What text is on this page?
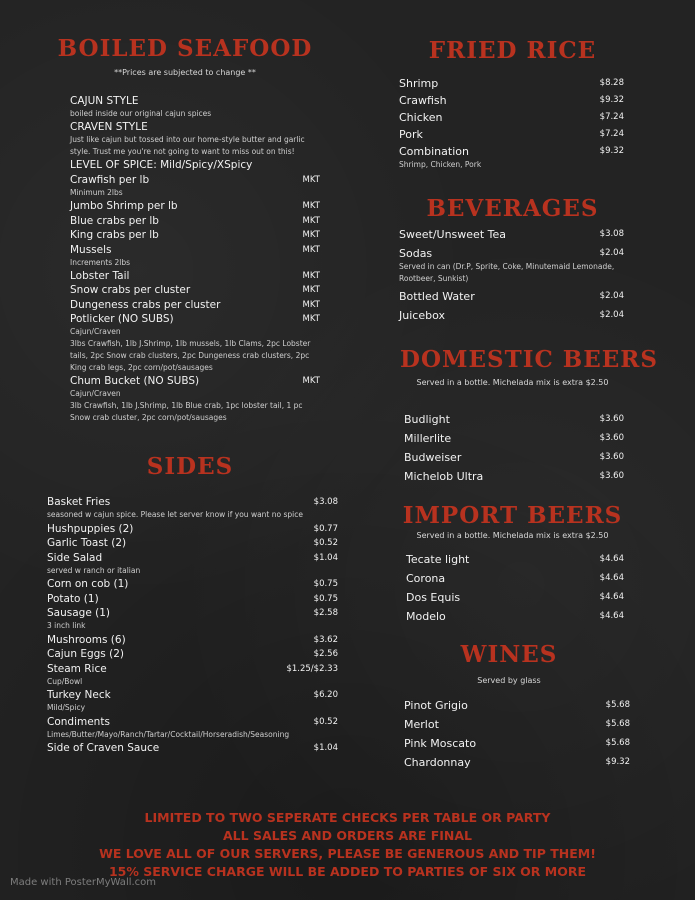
BOILED SEAFOOD
**Prices are subjected to change **
CAJUN STYLE
boiled inside our original cajun spices
CRAVEN STYLE
Just like cajun but tossed into our home-style butter and garlic style. Trust me you're not going to want to miss out on this!
LEVEL OF SPICE: Mild/Spicy/XSpicy
Crawfish per lb	MKT
Minimum 2lbs
Jumbo Shrimp per lb	MKT
Blue crabs per lb	MKT
King crabs per lb	MKT
Mussels	MKT
Increments 2lbs
Lobster Tail	MKT
Snow crabs per cluster	MKT
Dungeness crabs per cluster	MKT
Potlicker (NO SUBS)	MKT
Cajun/Craven
3lbs Crawfish, 1lb J.Shrimp, 1lb mussels, 1lb Clams, 2pc Lobster tails, 2pc Snow crab clusters, 2pc Dungeness crab clusters, 2pc King crab legs, 2pc corn/pot/sausages
Chum Bucket (NO SUBS)	MKT
Cajun/Craven
3lb Crawfish, 1lb J.Shrimp, 1lb Blue crab, 1pc lobster tail, 1 pc Snow crab cluster, 2pc corn/pot/sausages
SIDES
Basket Fries	$3.08
seasoned w cajun spice. Please let server know if you want no spice
Hushpuppies (2)	$0.77
Garlic Toast (2)	$0.52
Side Salad	$1.04
served w ranch or italian
Corn on cob (1)	$0.75
Potato (1)	$0.75
Sausage (1)	$2.58
3 inch link
Mushrooms (6)	$3.62
Cajun Eggs (2)	$2.56
Steam Rice	$1.25/$2.33
Cup/Bowl
Turkey Neck	$6.20
Mild/Spicy
Condiments	$0.52
Limes/Butter/Mayo/Ranch/Tartar/Cocktail/Horseradish/Seasoning
Side of Craven Sauce	$1.04
FRIED RICE
Shrimp	$8.28
Crawfish	$9.32
Chicken	$7.24
Pork	$7.24
Combination	$9.32
Shrimp, Chicken, Pork
BEVERAGES
Sweet/Unsweet Tea	$3.08
Sodas	$2.04
Served in can (Dr.P, Sprite, Coke, Minutemaid Lemonade, Rootbeer, Sunkist)
Bottled Water	$2.04
Juicebox	$2.04
DOMESTIC BEERS
Served in a bottle. Michelada mix is extra $2.50
Budlight	$3.60
Millerlite	$3.60
Budweiser	$3.60
Michelob Ultra	$3.60
IMPORT BEERS
Served in a bottle. Michelada mix is extra $2.50
Tecate light	$4.64
Corona	$4.64
Dos Equis	$4.64
Modelo	$4.64
WINES
Served by glass
Pinot Grigio	$5.68
Merlot	$5.68
Pink Moscato	$5.68
Chardonnay	$9.32
LIMITED TO TWO SEPERATE CHECKS PER TABLE OR PARTY
ALL SALES AND ORDERS ARE FINAL
WE LOVE ALL OF OUR SERVERS, PLEASE BE GENEROUS AND TIP THEM!
15% SERVICE CHARGE WILL BE ADDED TO PARTIES OF SIX OR MORE
Made with PosterMyWall.com
